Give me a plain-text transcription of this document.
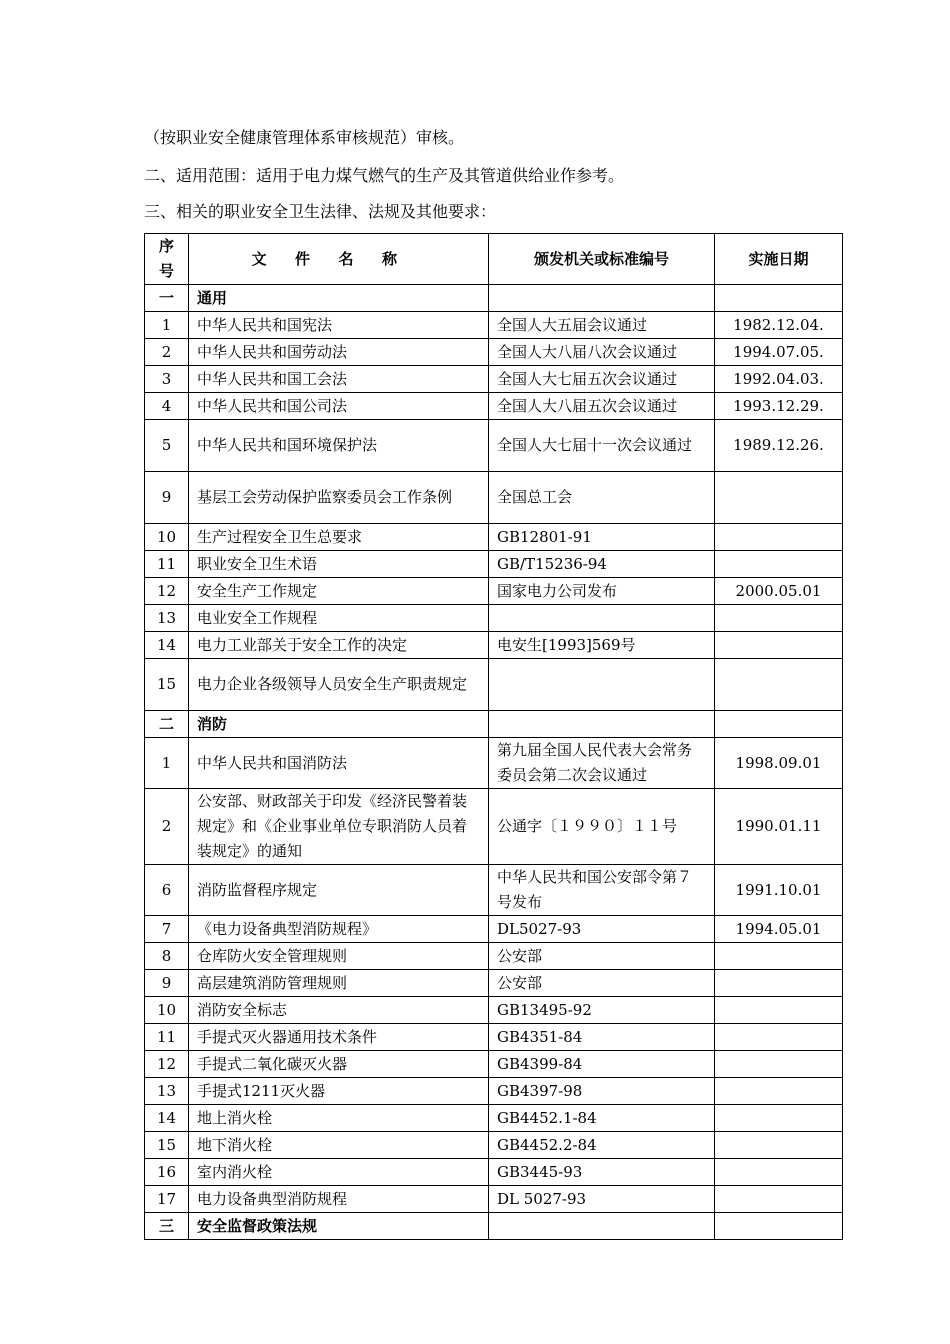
（按职业安全健康管理体系审核规范）审核。
二、适用范围：适用于电力煤气燃气的生产及其管道供给业作参考。
三、相关的职业安全卫生法律、法规及其他要求：
序号	文件名称	颁发机关或标准编号	实施日期
一	通用		
1	中华人民共和国宪法	全国人大五届会议通过	1982.12.04.
2	中华人民共和国劳动法	全国人大八届八次会议通过	1994.07.05.
3	中华人民共和国工会法	全国人大七届五次会议通过	1992.04.03.
4	中华人民共和国公司法	全国人大八届五次会议通过	1993.12.29.
5	中华人民共和国环境保护法	全国人大七届十一次会议通过	1989.12.26.
9	基层工会劳动保护监察委员会工作条例	全国总工会	
10	生产过程安全卫生总要求	GB12801-91	
11	职业安全卫生术语	GB/T15236-94	
12	安全生产工作规定	国家电力公司发布	2000.05.01
13	电业安全工作规程		
14	电力工业部关于安全工作的决定	电安生[1993]569号	
15	电力企业各级领导人员安全生产职责规定		
二	消防		
1	中华人民共和国消防法	第九届全国人民代表大会常务委员会第二次会议通过	1998.09.01
2	公安部、财政部关于印发《经济民警着装规定》和《企业事业单位专职消防人员着装规定》的通知	公通字〔１９９０〕１１号	1990.01.11
6	消防监督程序规定	中华人民共和国公安部令第７号发布	1991.10.01
7	《电力设备典型消防规程》	DL5027-93	1994.05.01
8	仓库防火安全管理规则	公安部	
9	高层建筑消防管理规则	公安部	
10	消防安全标志	GB13495-92	
11	手提式灭火器通用技术条件	GB4351-84	
12	手提式二氧化碳灭火器	GB4399-84	
13	手提式1211灭火器	GB4397-98	
14	地上消火栓	GB4452.1-84	
15	地下消火栓	GB4452.2-84	
16	室内消火栓	GB3445-93	
17	电力设备典型消防规程	DL 5027-93	
三	安全监督政策法规		
